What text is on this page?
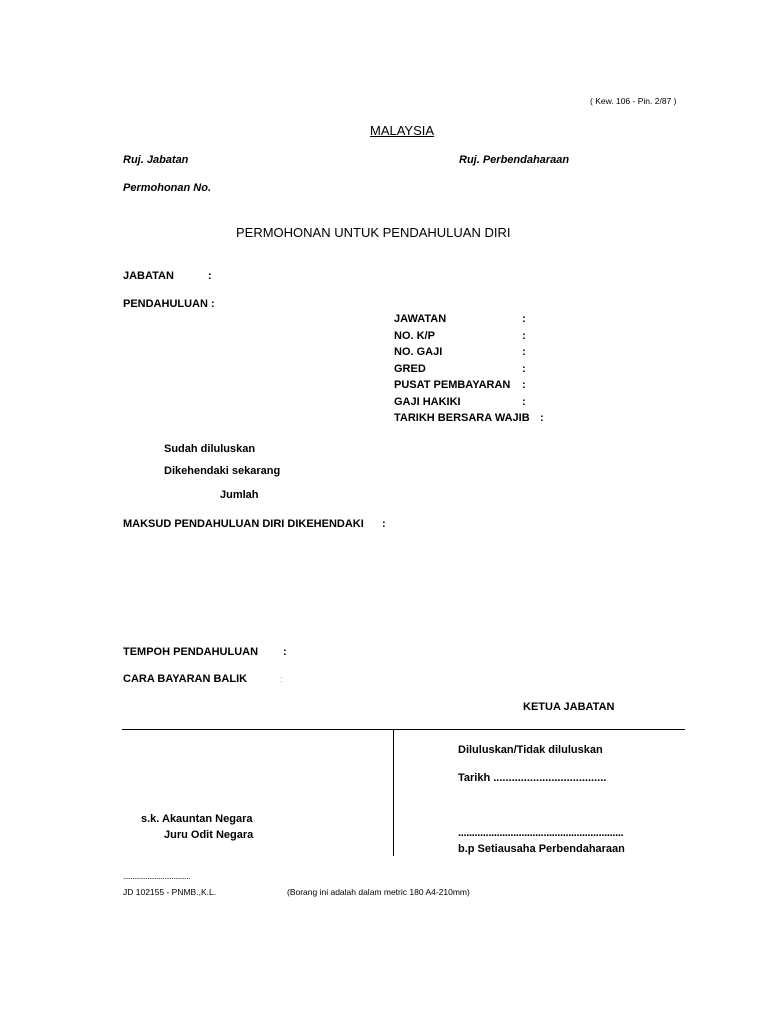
( Kew. 106 - Pin. 2/87 )
MALAYSIA
Ruj. Jabatan	Ruj. Perbendaharaan
Permohonan No.
PERMOHONAN UNTUK PENDAHULUAN DIRI
JABATAN	:
PENDAHULUAN :
JAWATAN	:
NO. K/P	:
NO. GAJI	:
GRED	:
PUSAT PEMBAYARAN :
GAJI HAKIKI	:
TARIKH BERSARA WAJIB :
Sudah diluluskan
Dikehendaki sekarang
Jumlah
MAKSUD PENDAHULUAN DIRI DIKEHENDAKI :
TEMPOH PENDAHULUAN :
CARA BAYARAN BALIK	:
KETUA JABATAN
Diluluskan/Tidak diluluskan
Tarikh .....................................
............................................................
b.p Setiausaha Perbendaharaan
s.k. Akauntan Negara
Juru Odit Negara
....................................
JD 102155 - PNMB.,K.L.	(Borang ini adalah dalam metric 180 A4-210mm)
